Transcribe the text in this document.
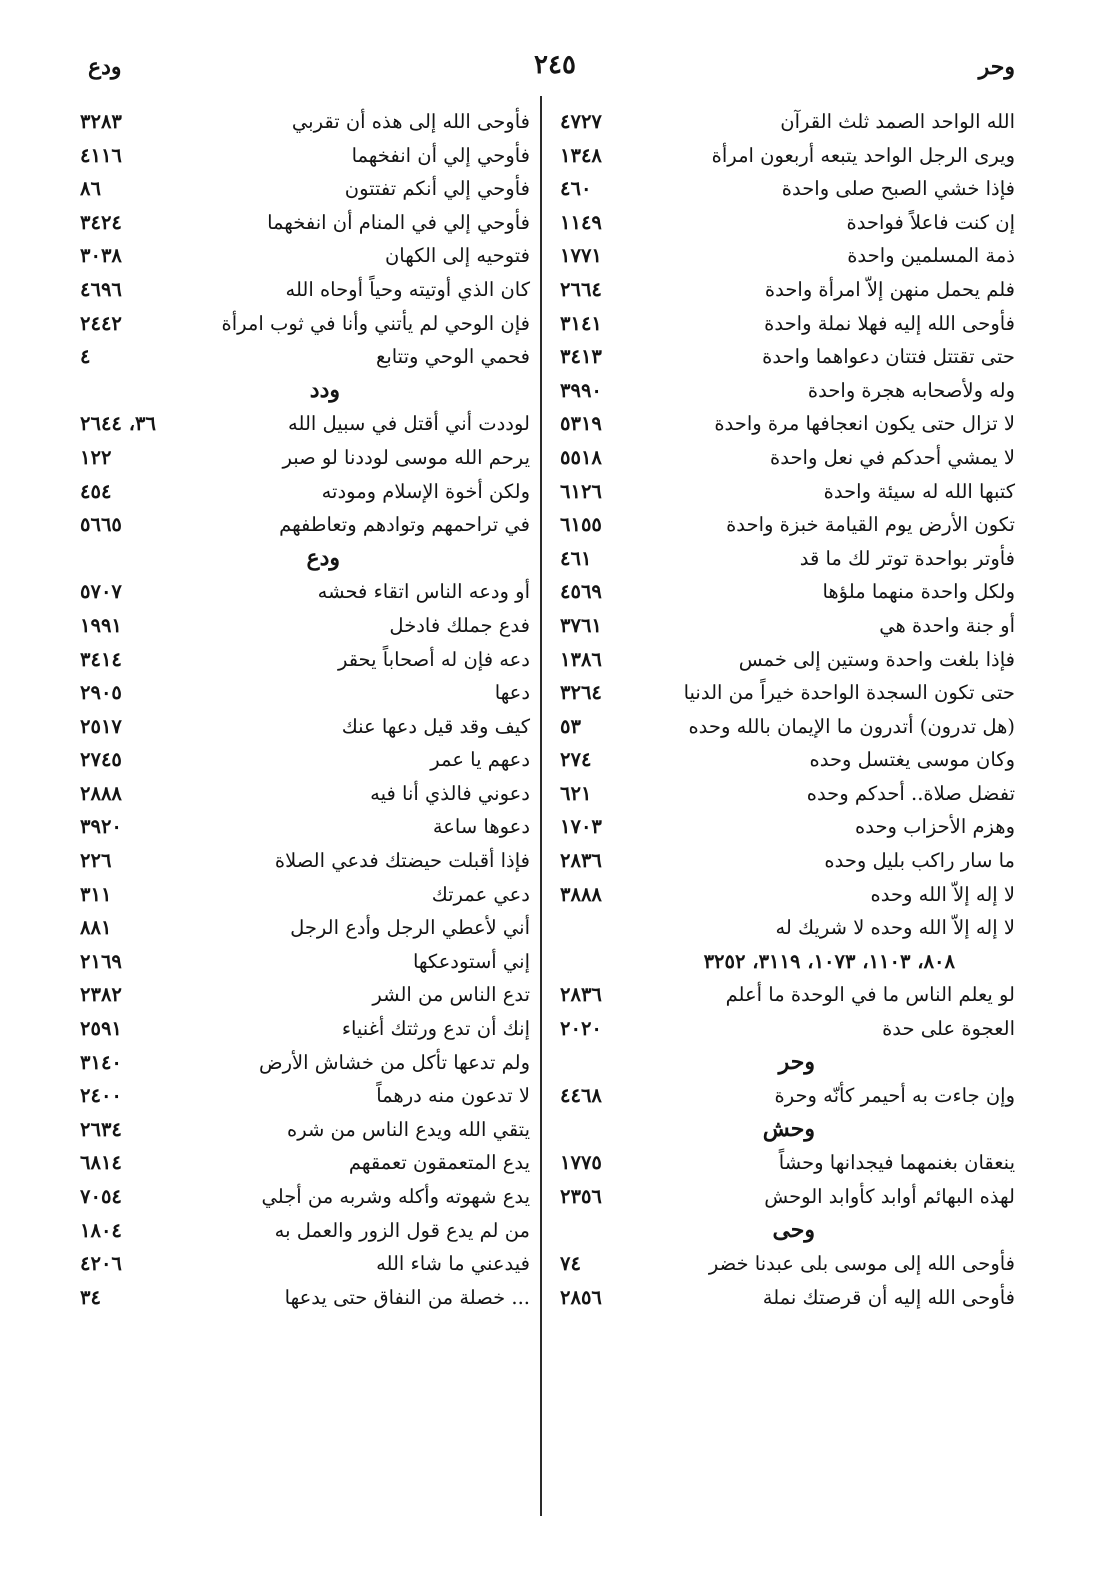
وحر
٢٤٥
ودع
الله الواحد الصمد ثلث القرآن
٤٧٢٧
ويرى الرجل الواحد يتبعه أربعون امرأة
١٣٤٨
فإذا خشي الصبح صلى واحدة
٤٦٠
إن كنت فاعلاً فواحدة
١١٤٩
ذمة المسلمين واحدة
١٧٧١
فلم يحمل منهن إلاّ امرأة واحدة
٢٦٦٤
فأوحى الله إليه فهلا نملة واحدة
٣١٤١
حتى تقتتل فتتان دعواهما واحدة
٣٤١٣
وله ولأصحابه هجرة واحدة
٣٩٩٠
لا تزال حتى يكون انعجافها مرة واحدة
٥٣١٩
لا يمشي أحدكم في نعل واحدة
٥٥١٨
كتبها الله له سيئة واحدة
٦١٢٦
تكون الأرض يوم القيامة خبزة واحدة
٦١٥٥
فأوتر بواحدة توتر لك ما قد
٤٦١
ولكل واحدة منهما ملؤها
٤٥٦٩
أو جنة واحدة هي
٣٧٦١
فإذا بلغت واحدة وستين إلى خمس
١٣٨٦
حتى تكون السجدة الواحدة خيراً من الدنيا
٣٢٦٤
(هل تدرون) أتدرون ما الإيمان بالله وحده
٥٣
وكان موسى يغتسل وحده
٢٧٤
تفضل صلاة.. أحدكم وحده
٦٢١
وهزم الأحزاب وحده
١٧٠٣
ما سار راكب بليل وحده
٢٨٣٦
لا إله إلاّ الله وحده
٣٨٨٨
لا إله إلاّ الله وحده لا شريك له
٨٠٨، ١١٠٣، ١٠٧٣، ٣١١٩، ٣٢٥٢
لو يعلم الناس ما في الوحدة ما أعلم
٢٨٣٦
العجوة على حدة
٢٠٢٠
وحر
وإن جاءت به أحيمر كأنّه وحرة
٤٤٦٨
وحش
ينعقان بغنمهما فيجدانها وحشاً
١٧٧٥
لهذه البهائم أوابد كأوابد الوحش
٢٣٥٦
وحى
فأوحى الله إلى موسى بلى عبدنا خضر
٧٤
فأوحى الله إليه أن قرصتك نملة
٢٨٥٦
فأوحى الله إلى هذه أن تقربي
٣٢٨٣
فأوحي إلي أن انفخهما
٤١١٦
فأوحي إلي أنكم تفتتون
٨٦
فأوحي إلي في المنام أن انفخهما
٣٤٢٤
فتوحيه إلى الكهان
٣٠٣٨
كان الذي أوتيته وحياً أوحاه الله
٤٦٩٦
فإن الوحي لم يأتني وأنا في ثوب امرأة
٢٤٤٢
فحمي الوحي وتتابع
٤
ودد
لوددت أني أقتل في سبيل الله
٣٦، ٢٦٤٤
يرحم الله موسى لوددنا لو صبر
١٢٢
ولكن أخوة الإسلام ومودته
٤٥٤
في تراحمهم وتوادهم وتعاطفهم
٥٦٦٥
ودع
أو ودعه الناس اتقاء فحشه
٥٧٠٧
فدع جملك فادخل
١٩٩١
دعه فإن له أصحاباً يحقر
٣٤١٤
دعها
٢٩٠٥
كيف وقد قيل دعها عنك
٢٥١٧
دعهم يا عمر
٢٧٤٥
دعوني فالذي أنا فيه
٢٨٨٨
دعوها ساعة
٣٩٢٠
فإذا أقبلت حيضتك فدعي الصلاة
٢٢٦
دعي عمرتك
٣١١
أني لأعطي الرجل وأدع الرجل
٨٨١
إني أستودعكها
٢١٦٩
تدع الناس من الشر
٢٣٨٢
إنك أن تدع ورثتك أغنياء
٢٥٩١
ولم تدعها تأكل من خشاش الأرض
٣١٤٠
لا تدعون منه درهماً
٢٤٠٠
يتقي الله ويدع الناس من شره
٢٦٣٤
يدع المتعمقون تعمقهم
٦٨١٤
يدع شهوته وأكله وشربه من أجلي
٧٠٥٤
من لم يدع قول الزور والعمل به
١٨٠٤
فيدعني ما شاء الله
٤٢٠٦
... خصلة من النفاق حتى يدعها
٣٤
